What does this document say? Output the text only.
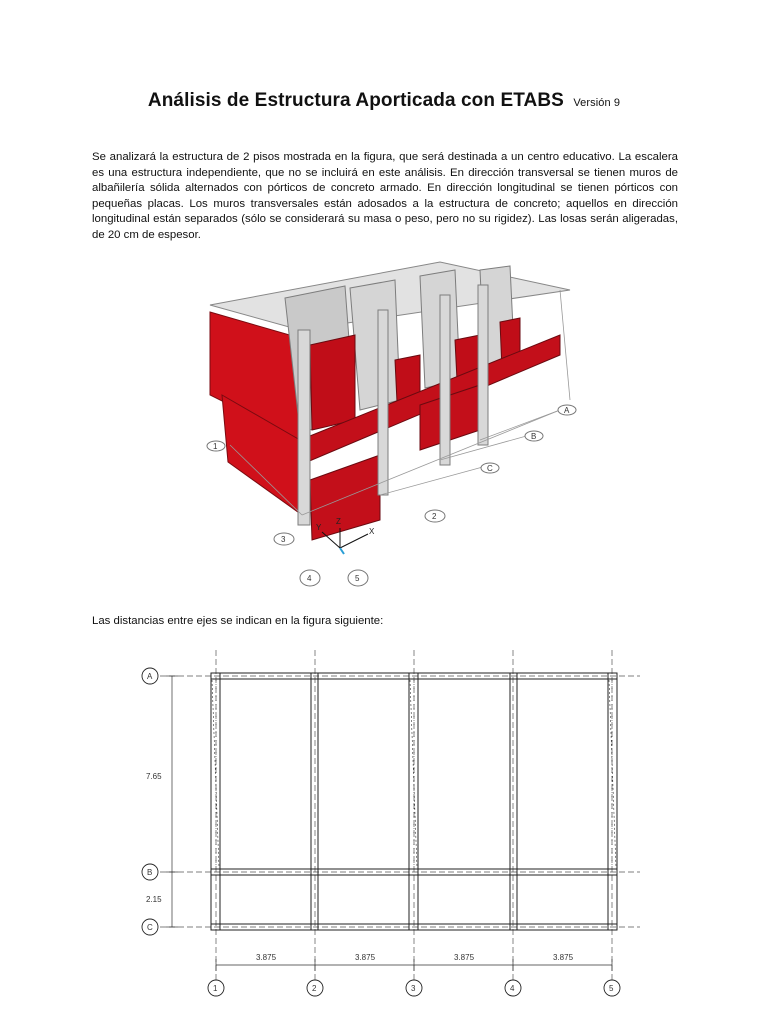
Análisis de Estructura Aporticada con ETABS Versión 9
Se analizará la estructura de 2 pisos mostrada en la figura, que será destinada a un centro educativo. La escalera es una estructura independiente, que no se incluirá en este análisis. En dirección transversal se tienen muros de albañilería sólida alternados con pórticos de concreto armado. En dirección longitudinal se tienen pórticos con pequeñas placas. Los muros transversales están adosados a la estructura de concreto; aquellos en dirección longitudinal están separados (sólo se considerará su masa o peso, pero no su rigidez). Las losas serán aligeradas, de 20 cm de espesor.
A
B
C
1
2
3
4	5
Z
Y	X
Las distancias entre ejes se indican en la figura siguiente:
7.65
2.15
3.875	3.875	3.875	3.875
A
B
C
1	2	3	4	5
